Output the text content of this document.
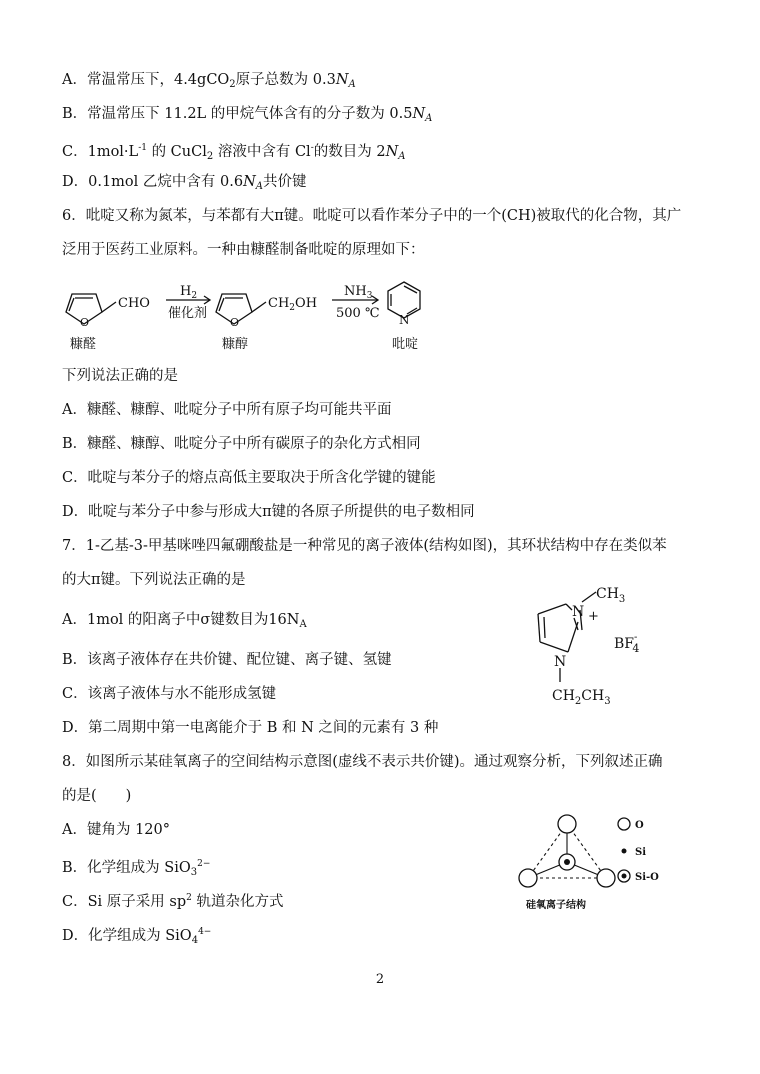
A．常温常压下，4.4gCO$_2$原子总数为 $0.3N_A$
B．常温常压下 11.2L 的甲烷气体含有的分子数为 $0.5N_A$
C．$1mol\cdot L^{-1}$ 的 CuCl$_2$ 溶液中含有 Cl-的数目为 $2N_A$
D．0.1mol 乙烷中含有 $0.6N_A$共价键
6．吡啶又称为氮苯，与苯都有大π键。吡啶可以看作苯分子中的一个(CH)被取代的化合物，其广
泛用于医药工业原料。一种由糠醛制备吡啶的原理如下：
CHO
O
$H_2$
催化剂
$CH_2OH$
O
$NH_3$
500 ℃ N
糠醛	糠醇	吡啶
下列说法正确的是
A．糠醛、糠醇、吡啶分子中所有原子均可能共平面
B．糠醛、糠醇、吡啶分子中所有碳原子的杂化方式相同
C．吡啶与苯分子的熔点高低主要取决于所含化学键的键能
D．吡啶与苯分子中参与形成大π键的各原子所提供的电子数相同
7．1-乙基-3-甲基咪唑四氟硼酸盐是一种常见的离子液体(结构如图)，其环状结构中存在类似苯
的大π键。下列说法正确的是
A．1mol 的阳离子中σ键数目为$16N_A$
B．该离子液体存在共价键、配位键、离子键、氢键
C．该离子液体与水不能形成氢键
D．第二周期中第一电离能介于 B 和 N 之间的元素有 3 种
$CH_3$
N +
N
BF-4
$CH_2CH_3$
8．如图所示某硅氧离子的空间结构示意图(虚线不表示共价键)。通过观察分析，下列叙述正确
的是(　　)
A．键角为 120°
B．化学组成为 SiO$_3^{2-}$
C．Si 原子采用 $sp^2$ 轨道杂化方式
D．化学组成为 SiO$_4^{4-}$
O
Si
Si-O
硅氧离子结构
2
